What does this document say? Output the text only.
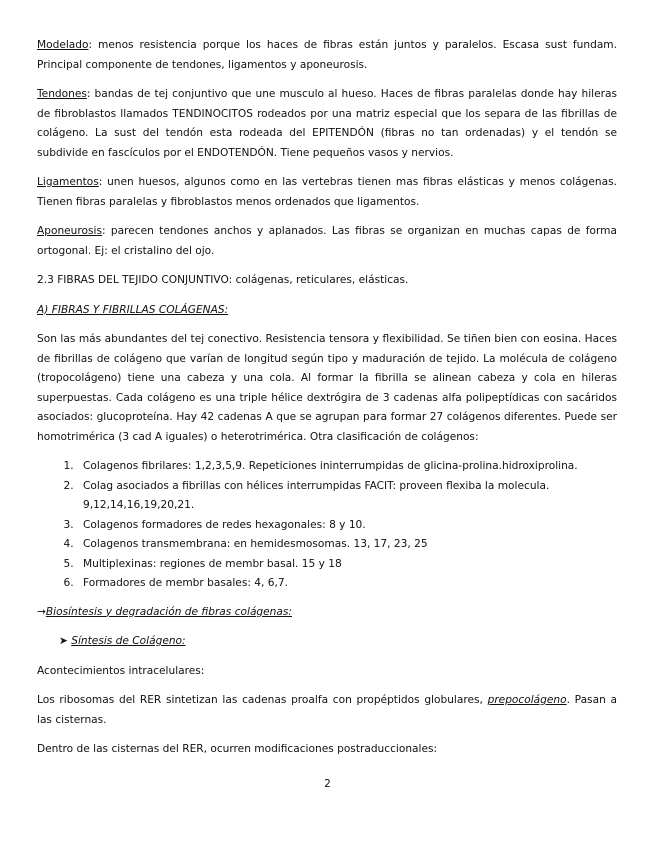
Modelado: menos resistencia porque los haces de fibras están juntos y paralelos. Escasa sust fundam. Principal componente de tendones, ligamentos y aponeurosis.

Tendones: bandas de tej conjuntivo que une musculo al hueso. Haces de fibras paralelas donde hay hileras de fibroblastos llamados TENDINOCITOS rodeados por una matriz especial que los separa de las fibrillas de colágeno. La sust del tendón esta rodeada del EPITENDÓN (fibras no tan ordenadas) y el tendón se subdivide en fascículos por el ENDOTENDÓN. Tiene pequeños vasos y nervios.

Ligamentos: unen huesos, algunos como en las vertebras tienen mas fibras elásticas y menos colágenas. Tienen fibras paralelas y fibroblastos menos ordenados que ligamentos.

Aponeurosis: parecen tendones anchos y aplanados. Las fibras se organizan en muchas capas de forma ortogonal. Ej: el cristalino del ojo.

2.3 FIBRAS DEL TEJIDO CONJUNTIVO: colágenas, reticulares, elásticas.
A) FIBRAS Y FIBRILLAS COLÁGENAS:

Son las más abundantes del tej conectivo. Resistencia tensora y flexibilidad. Se tiñen bien con eosina. Haces de fibrillas de colágeno que varían de longitud según tipo y maduración de tejido. La molécula de colágeno (tropocolágeno) tiene una cabeza y una cola. Al formar la fibrilla se alinean cabeza y cola en hileras superpuestas. Cada colágeno es una triple hélice dextrógira de 3 cadenas alfa polipeptídicas con sacáridos asociados: glucoproteína. Hay 42 cadenas A que se agrupan para formar 27 colágenos diferentes. Puede ser homotrimérica (3 cad A iguales) o heterotrimérica. Otra clasificación de colágenos:

1. Colagenos fibrilares: 1,2,3,5,9. Repeticiones ininterrumpidas de glicina-prolina.hidroxiprolina.
2. Colag asociados a fibrillas con hélices interrumpidas FACIT: proveen flexiba la molecula.
9,12,14,16,19,20,21.
3. Colagenos formadores de redes hexagonales: 8 y 10.
4. Colagenos transmembrana: en hemidesmosomas. 13, 17, 23, 25
5. Multiplexinas: regiones de membr basal. 15 y 18
6. Formadores de membr basales: 4, 6,7.
→Biosíntesis y degradación de fibras colágenas:
➤ Síntesis de Colágeno:

Acontecimientos intracelulares:

Los ribosomas del RER sintetizan las cadenas proalfa con propéptidos globulares, prepocolágeno. Pasan a las cisternas.

Dentro de las cisternas del RER, ocurren modificaciones postraduccionales:

2
